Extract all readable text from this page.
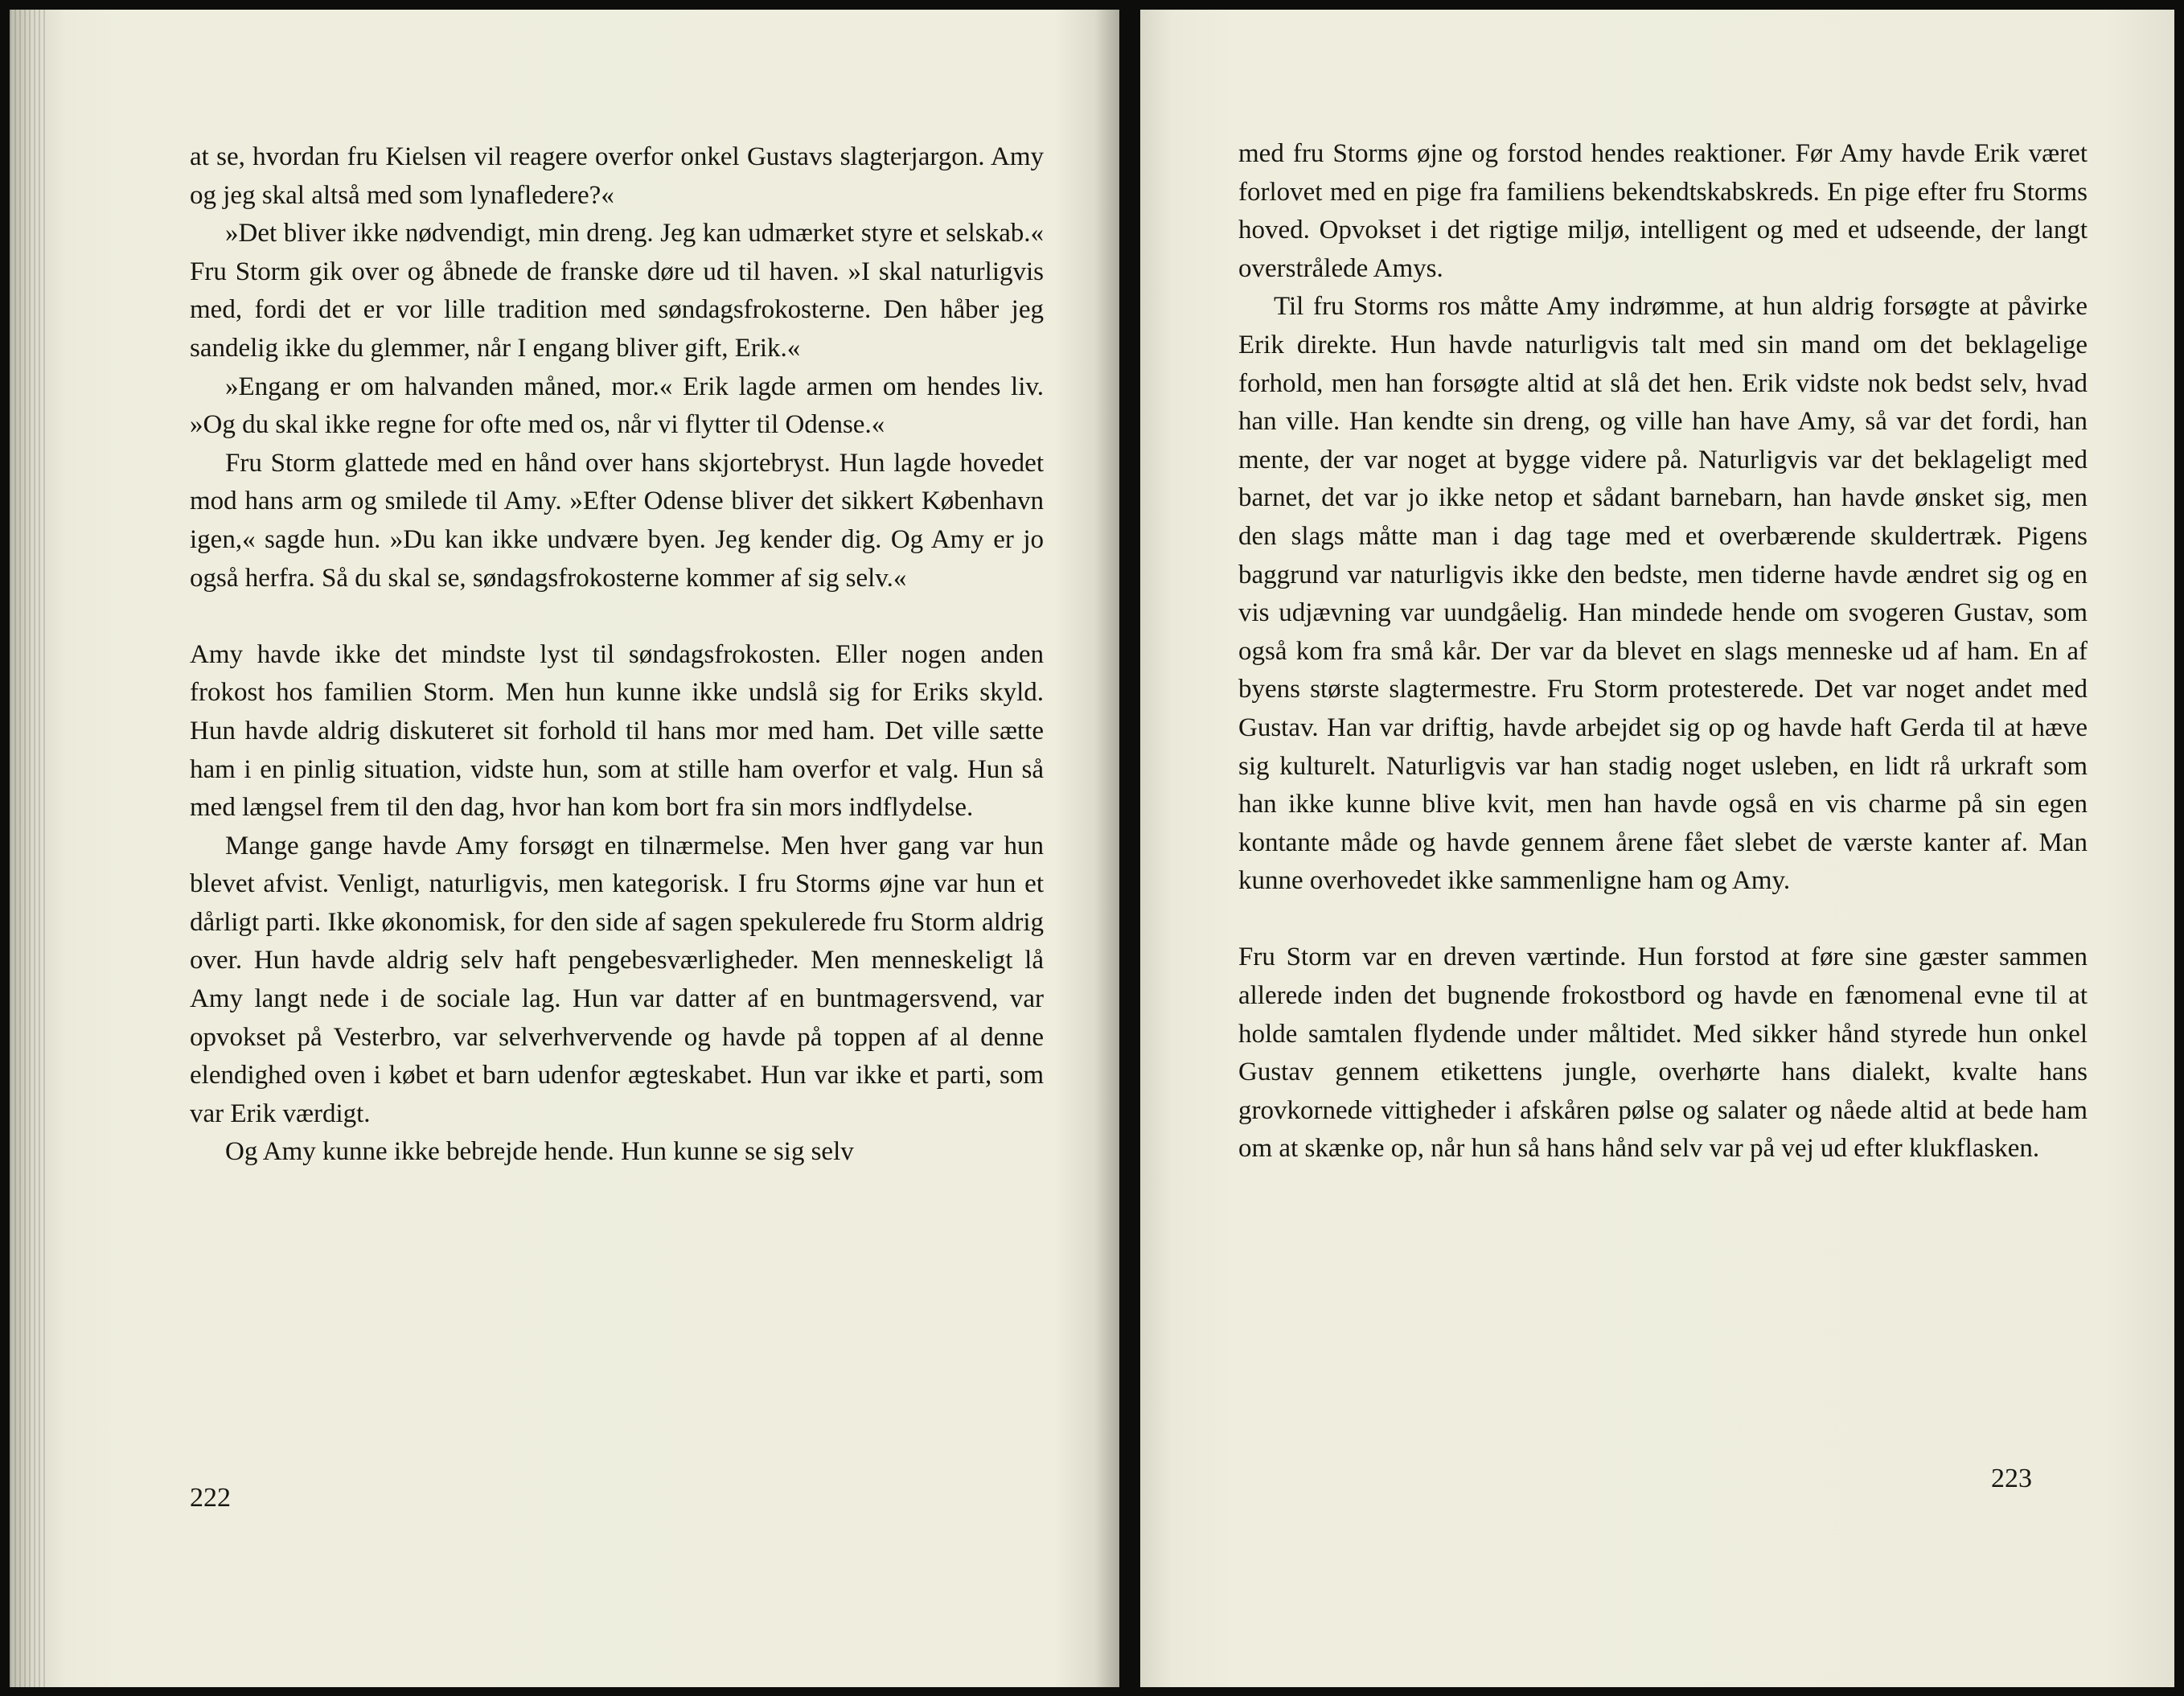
at se, hvordan fru Kielsen vil reagere overfor onkel Gustavs slagterjargon. Amy og jeg skal altså med som lynafledere?«

»Det bliver ikke nødvendigt, min dreng. Jeg kan udmærket styre et selskab.« Fru Storm gik over og åbnede de franske døre ud til haven. »I skal naturligvis med, fordi det er vor lille tradition med søndagsfrokosterne. Den håber jeg sandelig ikke du glemmer, når I engang bliver gift, Erik.«

»Engang er om halvanden måned, mor.« Erik lagde armen om hendes liv. »Og du skal ikke regne for ofte med os, når vi flytter til Odense.«

Fru Storm glattede med en hånd over hans skjortebryst. Hun lagde hovedet mod hans arm og smilede til Amy. »Efter Odense bliver det sikkert København igen,« sagde hun. »Du kan ikke undvære byen. Jeg kender dig. Og Amy er jo også herfra. Så du skal se, søndagsfrokosterne kommer af sig selv.«

Amy havde ikke det mindste lyst til søndagsfrokosten. Eller nogen anden frokost hos familien Storm. Men hun kunne ikke undslå sig for Eriks skyld. Hun havde aldrig diskuteret sit forhold til hans mor med ham. Det ville sætte ham i en pinlig situation, vidste hun, som at stille ham overfor et valg. Hun så med længsel frem til den dag, hvor han kom bort fra sin mors indflydelse.

Mange gange havde Amy forsøgt en tilnærmelse. Men hver gang var hun blevet afvist. Venligt, naturligvis, men kategorisk. I fru Storms øjne var hun et dårligt parti. Ikke økonomisk, for den side af sagen spekulerede fru Storm aldrig over. Hun havde aldrig selv haft pengebesværligheder. Men menneskeligt lå Amy langt nede i de sociale lag. Hun var datter af en buntmagersvend, var opvokset på Vesterbro, var selverhvervende og havde på toppen af al denne elendighed oven i købet et barn udenfor ægteskabet. Hun var ikke et parti, som var Erik værdigt.

Og Amy kunne ikke bebrejde hende. Hun kunne se sig selv

222

med fru Storms øjne og forstod hendes reaktioner. Før Amy havde Erik været forlovet med en pige fra familiens bekendtskabskreds. En pige efter fru Storms hoved. Opvokset i det rigtige miljø, intelligent og med et udseende, der langt overstrålede Amys.

Til fru Storms ros måtte Amy indrømme, at hun aldrig forsøgte at påvirke Erik direkte. Hun havde naturligvis talt med sin mand om det beklagelige forhold, men han forsøgte altid at slå det hen. Erik vidste nok bedst selv, hvad han ville. Han kendte sin dreng, og ville han have Amy, så var det fordi, han mente, der var noget at bygge videre på. Naturligvis var det beklageligt med barnet, det var jo ikke netop et sådant barnebarn, han havde ønsket sig, men den slags måtte man i dag tage med et overbærende skuldertræk. Pigens baggrund var naturligvis ikke den bedste, men tiderne havde ændret sig og en vis udjævning var uundgåelig. Han mindede hende om svogeren Gustav, som også kom fra små kår. Der var da blevet en slags menneske ud af ham. En af byens største slagtermestre. Fru Storm protesterede. Det var noget andet med Gustav. Han var driftig, havde arbejdet sig op og havde haft Gerda til at hæve sig kulturelt. Naturligvis var han stadig noget usleben, en lidt rå urkraft som han ikke kunne blive kvit, men han havde også en vis charme på sin egen kontante måde og havde gennem årene fået slebet de værste kanter af. Man kunne overhovedet ikke sammenligne ham og Amy.

Fru Storm var en dreven værtinde. Hun forstod at føre sine gæster sammen allerede inden det bugnende frokostbord og havde en fænomenal evne til at holde samtalen flydende under måltidet. Med sikker hånd styrede hun onkel Gustav gennem etikettens jungle, overhørte hans dialekt, kvalte hans grovkornede vittigheder i afskåren pølse og salater og nåede altid at bede ham om at skænke op, når hun så hans hånd selv var på vej ud efter klukflasken.

223
